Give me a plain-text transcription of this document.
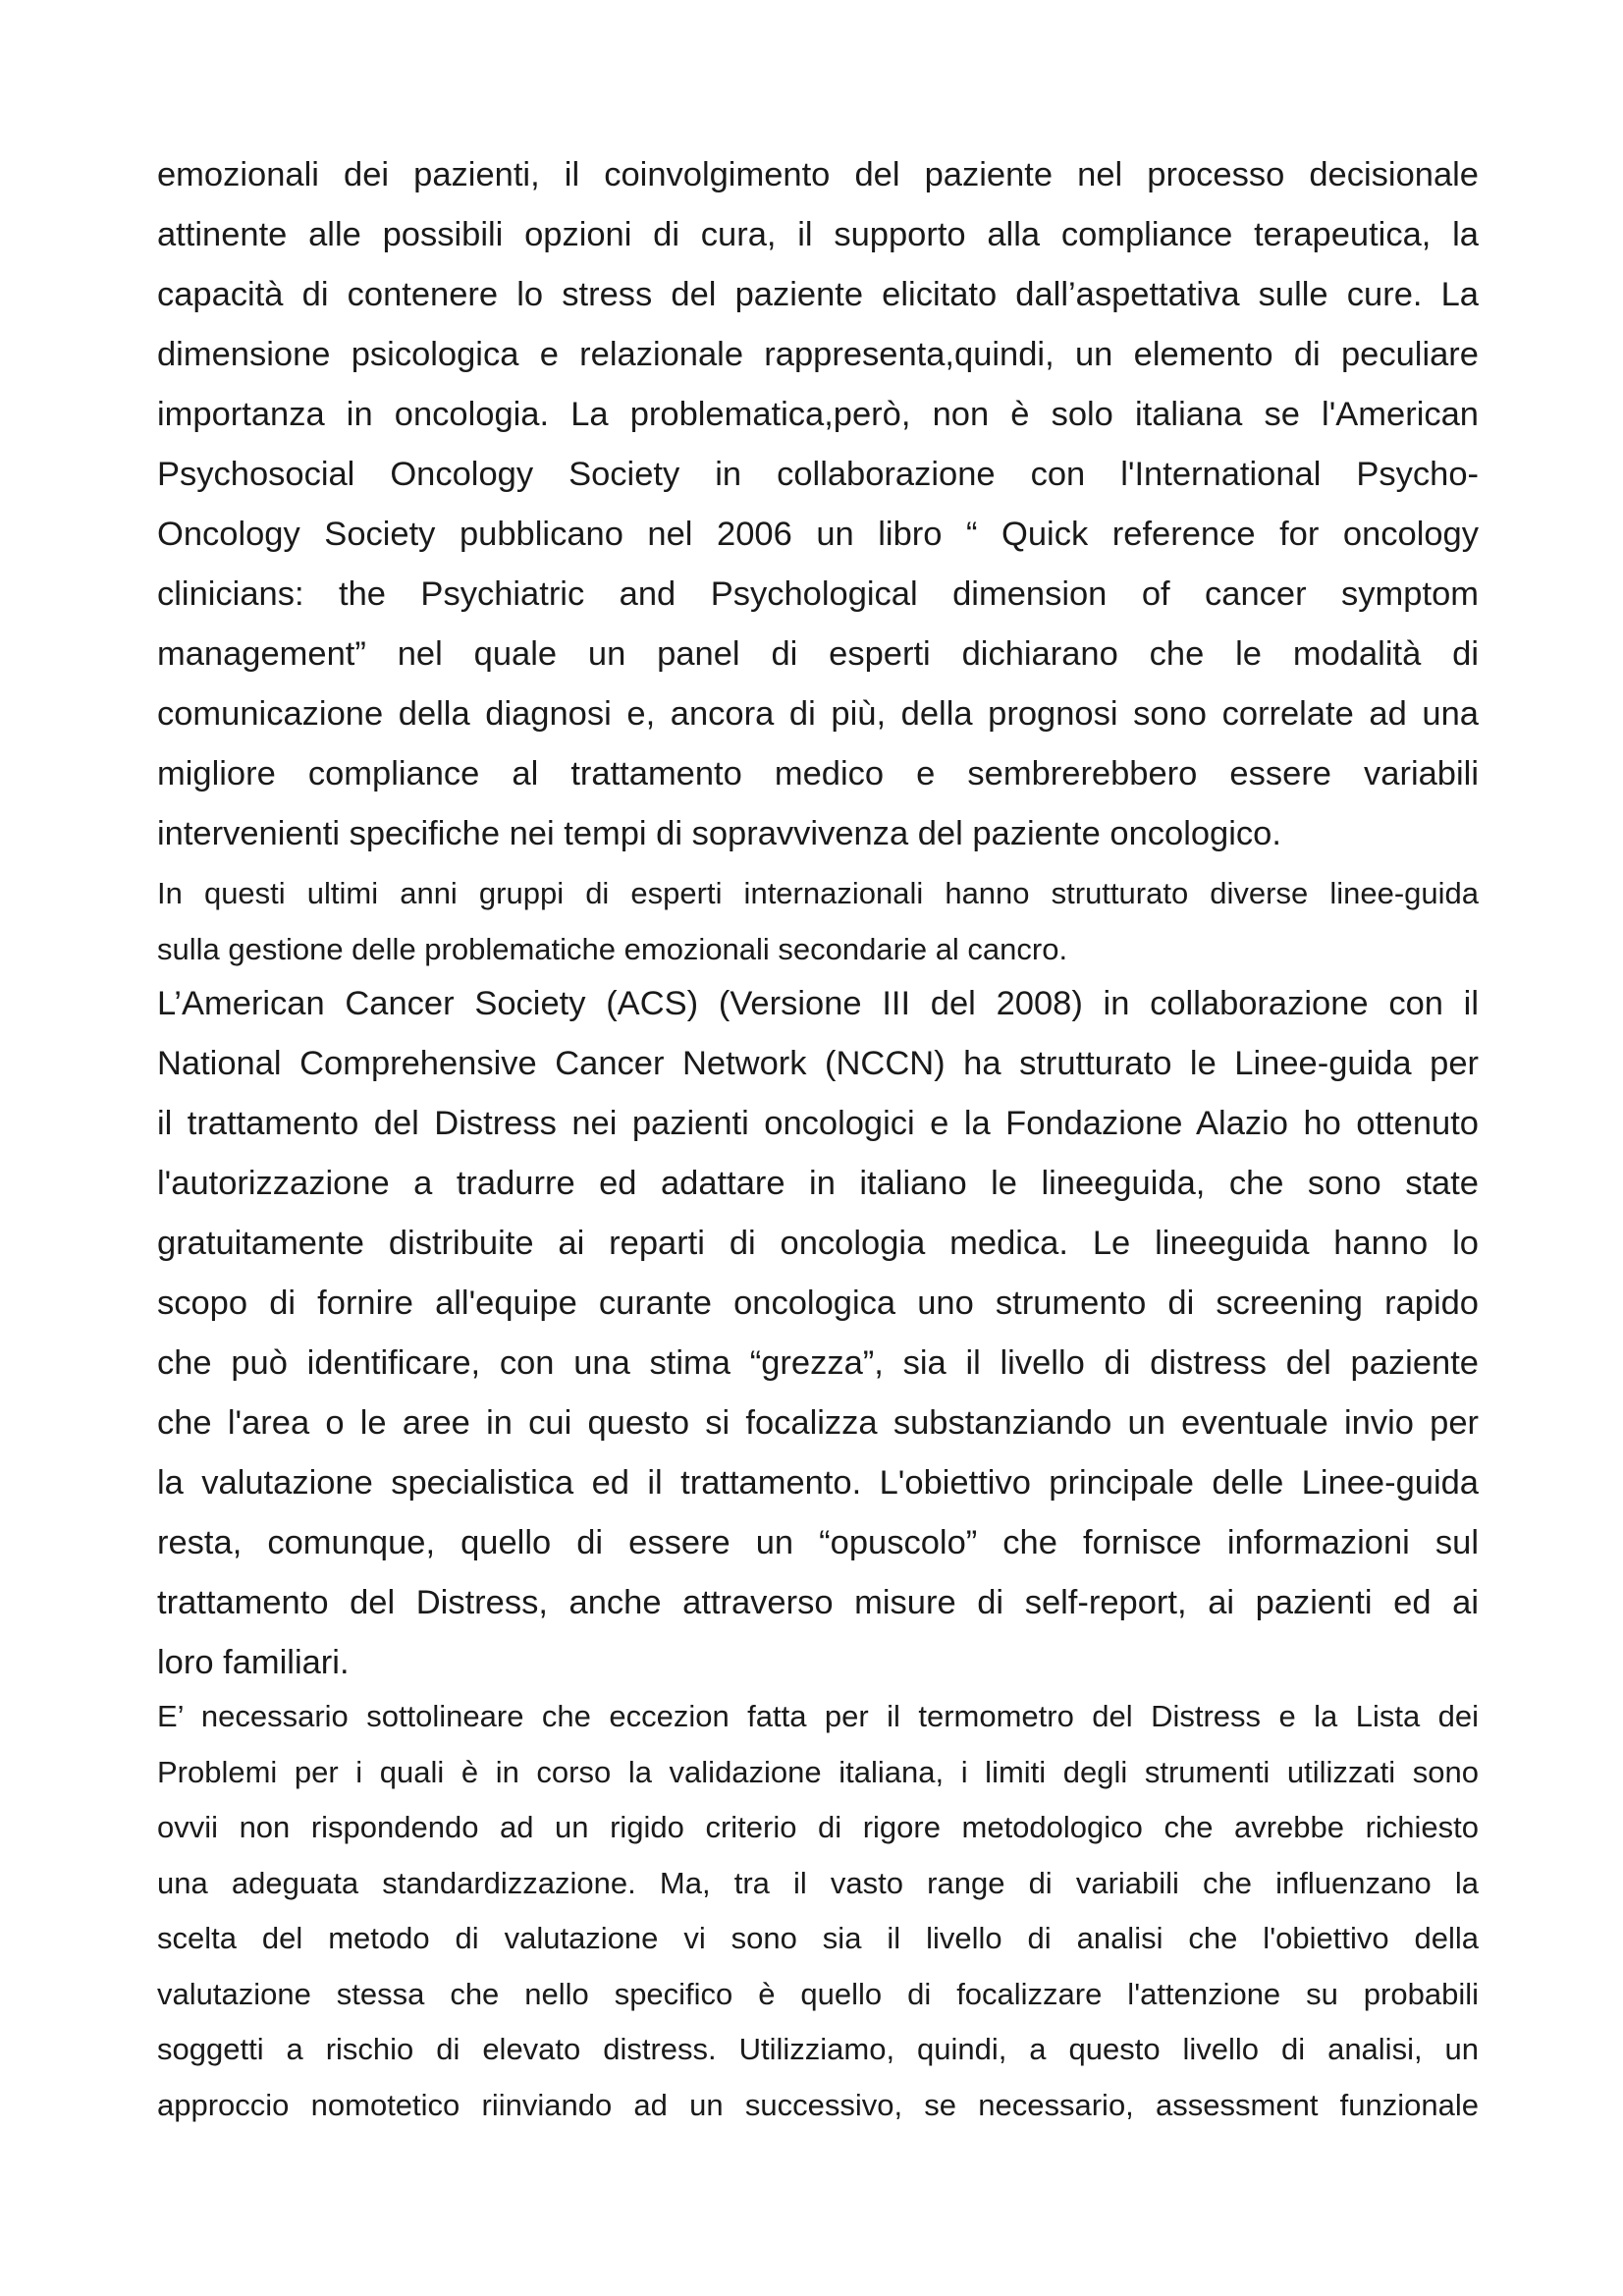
emozionali dei pazienti, il coinvolgimento del paziente nel processo decisionale
attinente alle possibili opzioni di cura, il supporto alla compliance terapeutica, la
capacità di contenere lo stress del paziente elicitato dall’aspettativa sulle cure. La
dimensione psicologica e relazionale rappresenta,quindi, un elemento di peculiare
importanza in oncologia. La problematica,però, non è solo italiana se l'American
Psychosocial Oncology Society in collaborazione con l'International Psycho-
Oncology Society pubblicano nel 2006 un libro “ Quick reference for oncology
clinicians: the Psychiatric and Psychological dimension of cancer symptom
management” nel quale un panel di esperti dichiarano che le modalità di
comunicazione della diagnosi e, ancora di più, della prognosi sono correlate ad una
migliore compliance al trattamento medico e sembrerebbero essere variabili
intervenienti specifiche nei tempi di sopravvivenza del paziente oncologico.
In questi ultimi anni gruppi di esperti internazionali hanno strutturato diverse linee-guida
sulla gestione delle problematiche emozionali secondarie al cancro.
L’American Cancer Society (ACS) (Versione III del 2008) in collaborazione con il
National Comprehensive Cancer Network (NCCN) ha strutturato le Linee-guida per
il trattamento del Distress nei pazienti oncologici e la Fondazione Alazio ho ottenuto
l'autorizzazione a tradurre ed adattare in italiano le lineeguida, che sono state
gratuitamente distribuite ai reparti di oncologia medica. Le lineeguida hanno lo
scopo di fornire all'equipe curante oncologica uno strumento di screening rapido
che può identificare, con una stima “grezza”, sia il livello di distress del paziente
che l'area o le aree in cui questo si focalizza substanziando un eventuale invio per
la valutazione specialistica ed il trattamento. L'obiettivo principale delle Linee-guida
resta, comunque, quello di essere un “opuscolo” che fornisce informazioni sul
trattamento del Distress, anche attraverso misure di self-report, ai pazienti ed ai
loro familiari.
E’ necessario sottolineare che eccezion fatta per il termometro del Distress e la Lista dei
Problemi per i quali è in corso la validazione italiana, i limiti degli strumenti utilizzati sono
ovvii non rispondendo ad un rigido criterio di rigore metodologico che avrebbe richiesto
una adeguata standardizzazione. Ma, tra il vasto range di variabili che influenzano la
scelta del metodo di valutazione vi sono sia il livello di analisi che l'obiettivo della
valutazione stessa che nello specifico è quello di focalizzare l'attenzione su probabili
soggetti a rischio di elevato distress. Utilizziamo, quindi, a questo livello di analisi, un
approccio nomotetico riinviando ad un successivo, se necessario, assessment funzionale
